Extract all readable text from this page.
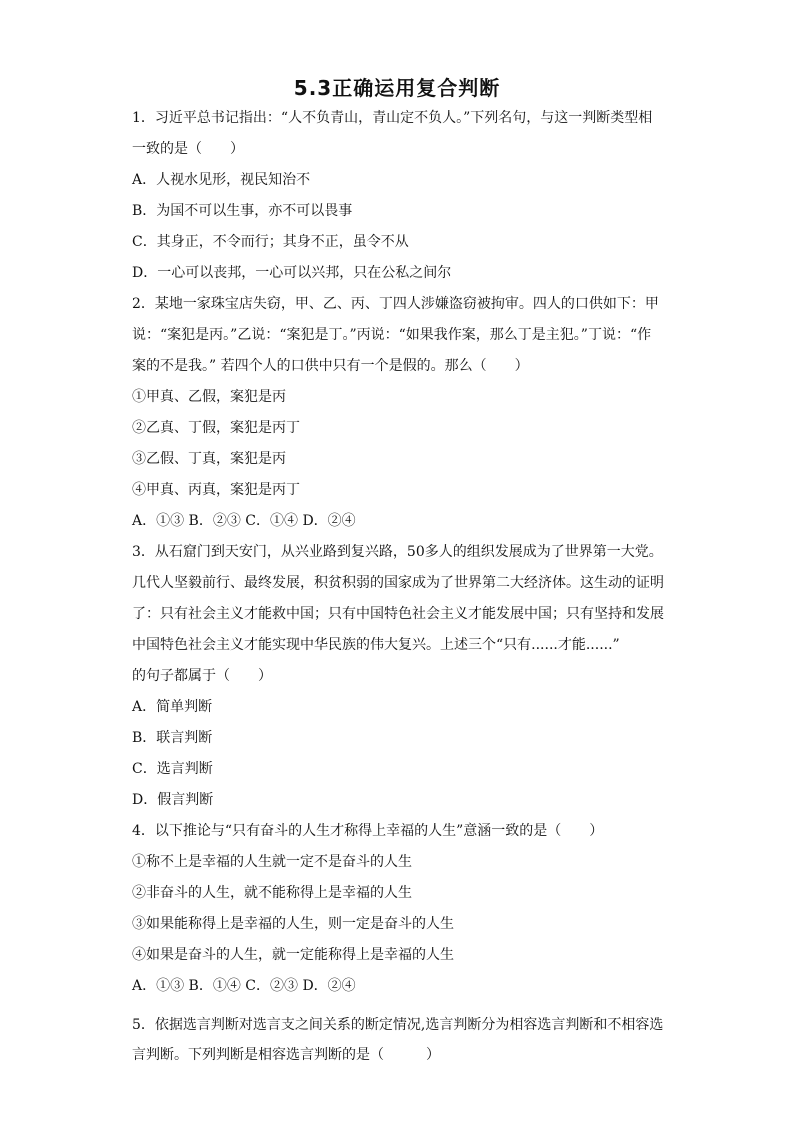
5.3正确运用复合判断
1．习近平总书记指出：“人不负青山，青山定不负人。”下列名句，与这一判断类型相
一致的是（　　）
A．人视水见形，视民知治不
B．为国不可以生事，亦不可以畏事
C．其身正，不令而行；其身不正，虽令不从
D．一心可以丧邦，一心可以兴邦，只在公私之间尔
2．某地一家珠宝店失窃，甲、乙、丙、丁四人涉嫌盗窃被拘审。四人的口供如下：甲
说：“案犯是丙。”乙说：“案犯是丁。”丙说：“如果我作案，那么丁是主犯。”丁说：“作
案的不是我。” 若四个人的口供中只有一个是假的。那么（　　）
①甲真、乙假，案犯是丙
②乙真、丁假，案犯是丙丁
③乙假、丁真，案犯是丙
④甲真、丙真，案犯是丙丁
A．①③ B．②③ C．①④ D．②④
3．从石窟门到天安门，从兴业路到复兴路，50多人的组织发展成为了世界第一大党。
几代人坚毅前行、最终发展，积贫积弱的国家成为了世界第二大经济体。这生动的证明
了：只有社会主义才能救中国；只有中国特色社会主义才能发展中国；只有坚持和发展
中国特色社会主义才能实现中华民族的伟大复兴。上述三个“只有......才能......”
的句子都属于（　　）
A．简单判断
B．联言判断
C．选言判断
D．假言判断
4．以下推论与“只有奋斗的人生才称得上幸福的人生”意涵一致的是（　　）
①称不上是幸福的人生就一定不是奋斗的人生
②非奋斗的人生，就不能称得上是幸福的人生
③如果能称得上是幸福的人生，则一定是奋斗的人生
④如果是奋斗的人生，就一定能称得上是幸福的人生
A．①③ B．①④ C．②③ D．②④
5．依据选言判断对选言支之间关系的断定情况,选言判断分为相容选言判断和不相容选
言判断。下列判断是相容选言判断的是（　　　）
